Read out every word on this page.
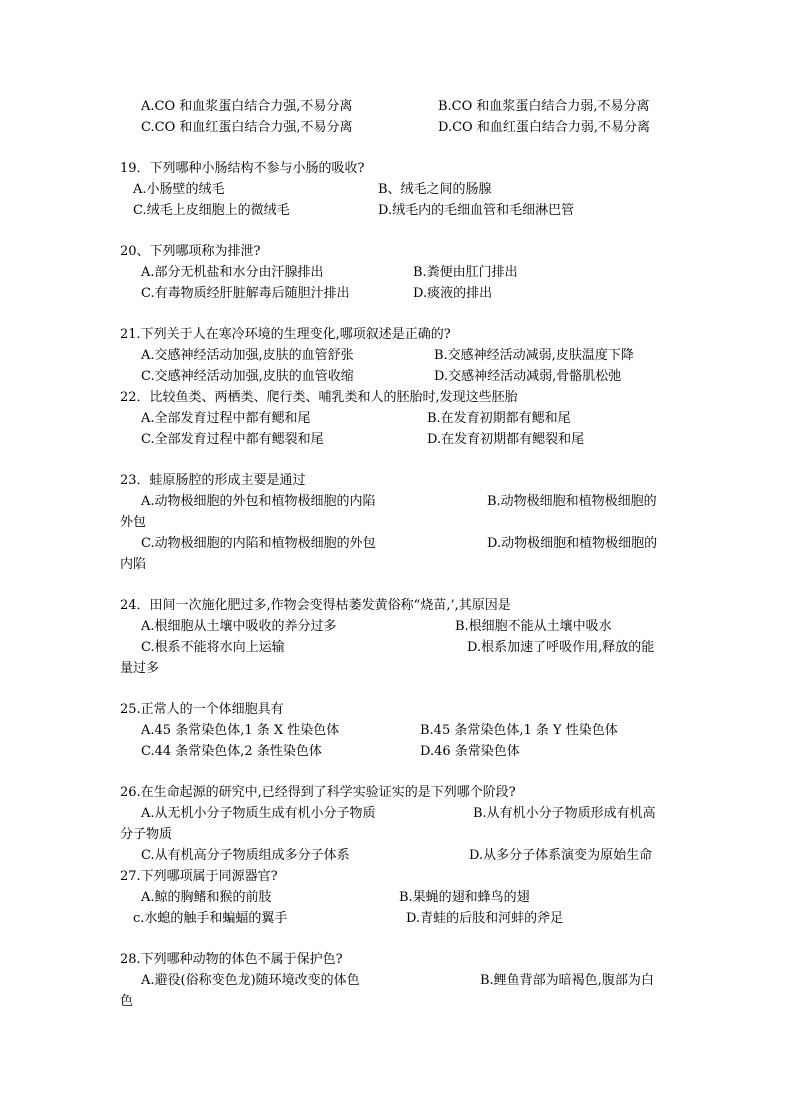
A.CO 和血浆蛋白结合力强,不易分离	B.CO 和血浆蛋白结合力弱,不易分离
C.CO 和血红蛋白结合力强,不易分离	D.CO 和血红蛋白结合力弱,不易分离
19．下列哪种小肠结构不参与小肠的吸收?
A.小肠壁的绒毛	B、绒毛之间的肠腺
C.绒毛上皮细胞上的微绒毛	D.绒毛内的毛细血管和毛细淋巴管
20、下列哪项称为排泄?
A.部分无机盐和水分由汗腺排出	B.粪便由肛门排出
C.有毒物质经肝脏解毒后随胆汁排出	D.痰液的排出
21.下列关于人在寒冷环境的生理变化,哪项叙述是正确的?
A.交感神经活动加强,皮肤的血管舒张	B.交感神经活动减弱,皮肤温度下降
C.交感神经活动加强,皮肤的血管收缩	D.交感神经活动减弱,骨骼肌松弛
22．比较鱼类、两栖类、爬行类、哺乳类和人的胚胎时,发现这些胚胎
A.全部发育过程中都有鳃和尾	B.在发育初期都有鳃和尾
C.全部发育过程中都有鳃裂和尾	D.在发育初期都有鳃裂和尾
23．蛙原肠腔的形成主要是通过
A.动物极细胞的外包和植物极细胞的内陷	B.动物极细胞和植物极细胞的
外包
C.动物极细胞的内陷和植物极细胞的外包	D.动物极细胞和植物极细胞的
内陷
24．田间一次施化肥过多,作物会变得枯萎发黄俗称“烧苗,’,其原因是
A.根细胞从土壤中吸收的养分过多	B.根细胞不能从土壤中吸水
C.根系不能将水向上运输	D.根系加速了呼吸作用,释放的能
量过多
25.正常人的一个体细胞具有
A.45 条常染色体,1 条 X 性染色体	B.45 条常染色体,1 条 Y 性染色体
C.44 条常染色体,2 条性染色体	D.46 条常染色体
26.在生命起源的研究中,已经得到了科学实验证实的是下列哪个阶段?
A.从无机小分子物质生成有机小分子物质	B.从有机小分子物质形成有机高
分子物质
C.从有机高分子物质组成多分子体系	D.从多分子体系演变为原始生命
27.下列哪项属于同源器官?
A.鲸的胸鳍和猴的前肢	B.果蝇的翅和蜂鸟的翅
c.水螅的触手和蝙蝠的翼手	D.青蛙的后肢和河蚌的斧足
28.下列哪种动物的体色不属于保护色?
A.避役(俗称变色龙)随环境改变的体色	B.鲤鱼背部为暗褐色,腹部为白
色
